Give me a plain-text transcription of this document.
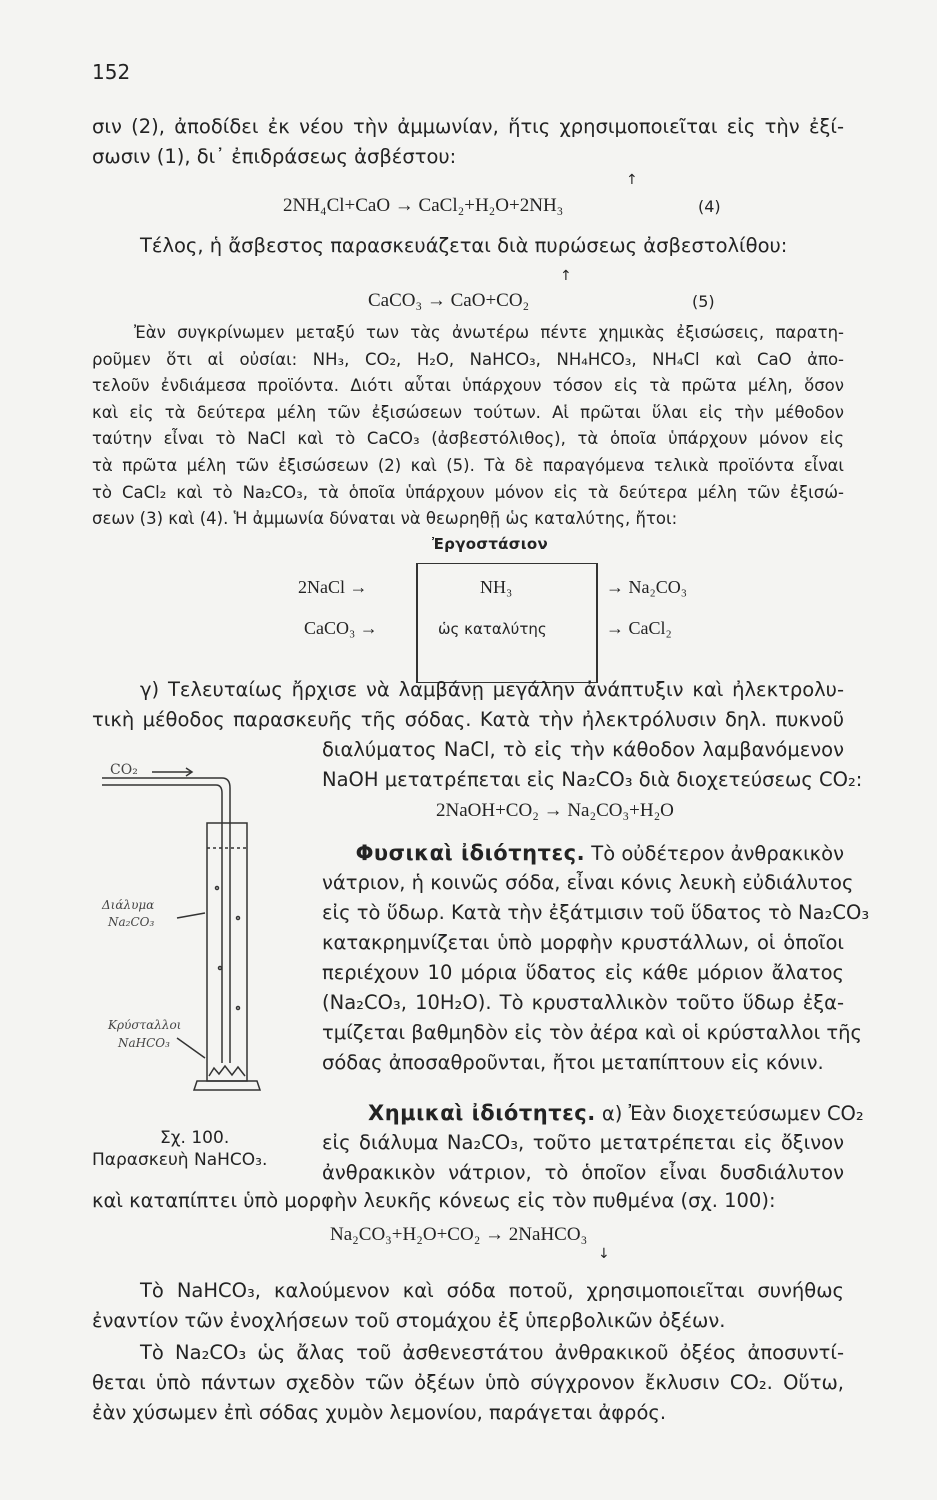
152
σιν (2), ἀποδίδει ἐκ νέου τὴν ἀμμωνίαν, ἥτις χρησιμοποιεῖται εἰς τὴν ἐξί-
σωσιν (1), δι᾽ ἐπιδράσεως ἀσβέστου:
↑
2NH₄Cl+CaO → CaCl₂+H₂O+2NH₃	(4)
Τέλος, ἡ ἄσβεστος παρασκευάζεται διὰ πυρώσεως ἀσβεστολίθου:
↑
CaCO₃ → CaO+CO₂	(5)
Ἐὰν συγκρίνωμεν μεταξύ των τὰς ἀνωτέρω πέντε χημικὰς ἐξισώσεις, παρατη-
ροῦμεν ὅτι αἱ οὐσίαι: NH₃, CO₂, H₂O, NaHCO₃, NH₄HCO₃, NH₄Cl καὶ CaO ἀπο-
τελοῦν ἐνδιάμεσα προϊόντα. Διότι αὗται ὑπάρχουν τόσον εἰς τὰ πρῶτα μέλη, ὅσον
καὶ εἰς τὰ δεύτερα μέλη τῶν ἐξισώσεων τούτων. Αἱ πρῶται ὕλαι εἰς τὴν μέθοδον
ταύτην εἶναι τὸ NaCl καὶ τὸ CaCO₃ (ἀσβεστόλιθος), τὰ ὁποῖα ὑπάρχουν μόνον εἰς
τὰ πρῶτα μέλη τῶν ἐξισώσεων (2) καὶ (5). Τὰ δὲ παραγόμενα τελικὰ προϊόντα εἶναι
τὸ CaCl₂ καὶ τὸ Na₂CO₃, τὰ ὁποῖα ὑπάρχουν μόνον εἰς τὰ δεύτερα μέλη τῶν ἐξισώ-
σεων (3) καὶ (4). Ἡ ἀμμωνία δύναται νὰ θεωρηθῇ ὡς καταλύτης, ἤτοι:
Ἐργοστάσιον
2NaCl →
CaCO₃ →
NH₃
ὡς καταλύτης
→ Na₂CO₃
→ CaCl₂
γ) Τελευταίως ἤρχισε νὰ λαμβάνῃ μεγάλην ἀνάπτυξιν καὶ ἠλεκτρολυ-
τικὴ μέθοδος παρασκευῆς τῆς σόδας. Κατὰ τὴν ἠλεκτρόλυσιν δηλ. πυκνοῦ
διαλύματος NaCl, τὸ εἰς τὴν κάθοδον λαμβανόμενον
NaOH μετατρέπεται εἰς Na₂CO₃ διὰ διοχετεύσεως CO₂:
2NaOH+CO₂ → Na₂CO₃+H₂O
Φυσικαὶ ἰδιότητες. Τὸ οὐδέτερον ἀνθρακικὸν
νάτριον, ἡ κοινῶς σόδα, εἶναι κόνις λευκὴ εὐδιάλυτος
εἰς τὸ ὕδωρ. Κατὰ τὴν ἐξάτμισιν τοῦ ὕδατος τὸ Na₂CO₃
κατακρημνίζεται ὑπὸ μορφὴν κρυστάλλων, οἱ ὁποῖοι
περιέχουν 10 μόρια ὕδατος εἰς κάθε μόριον ἄλατος
(Na₂CO₃, 10H₂O). Τὸ κρυσταλλικὸν τοῦτο ὕδωρ ἐξα-
τμίζεται βαθμηδὸν εἰς τὸν ἀέρα καὶ οἱ κρύσταλλοι τῆς
σόδας ἀποσαθροῦνται, ἤτοι μεταπίπτουν εἰς κόνιν.
Χημικαὶ ἰδιότητες. α) Ἐὰν διοχετεύσωμεν CO₂
εἰς διάλυμα Na₂CO₃, τοῦτο μετατρέπεται εἰς ὄξινον
ἀνθρακικὸν νάτριον, τὸ ὁποῖον εἶναι δυσδιάλυτον
καὶ καταπίπτει ὑπὸ μορφὴν λευκῆς κόνεως εἰς τὸν πυθμένα (σχ. 100):
CO₂
Διάλυμα
Na₂CO₃
Κρύσταλλοι
NaHCO₃
Σχ. 100.
Παρασκευὴ NaHCO₃.
Na₂CO₃+H₂O+CO₂ → 2NaHCO₃
↓
Τὸ NaHCO₃, καλούμενον καὶ σόδα ποτοῦ, χρησιμοποιεῖται συνήθως
ἐναντίον τῶν ἐνοχλήσεων τοῦ στομάχου ἐξ ὑπερβολικῶν ὀξέων.
Τὸ Na₂CO₃ ὡς ἄλας τοῦ ἀσθενεστάτου ἀνθρακικοῦ ὀξέος ἀποσυντί-
θεται ὑπὸ πάντων σχεδὸν τῶν ὀξέων ὑπὸ σύγχρονον ἔκλυσιν CO₂. Οὕτω,
ἐὰν χύσωμεν ἐπὶ σόδας χυμὸν λεμονίου, παράγεται ἀφρός.
